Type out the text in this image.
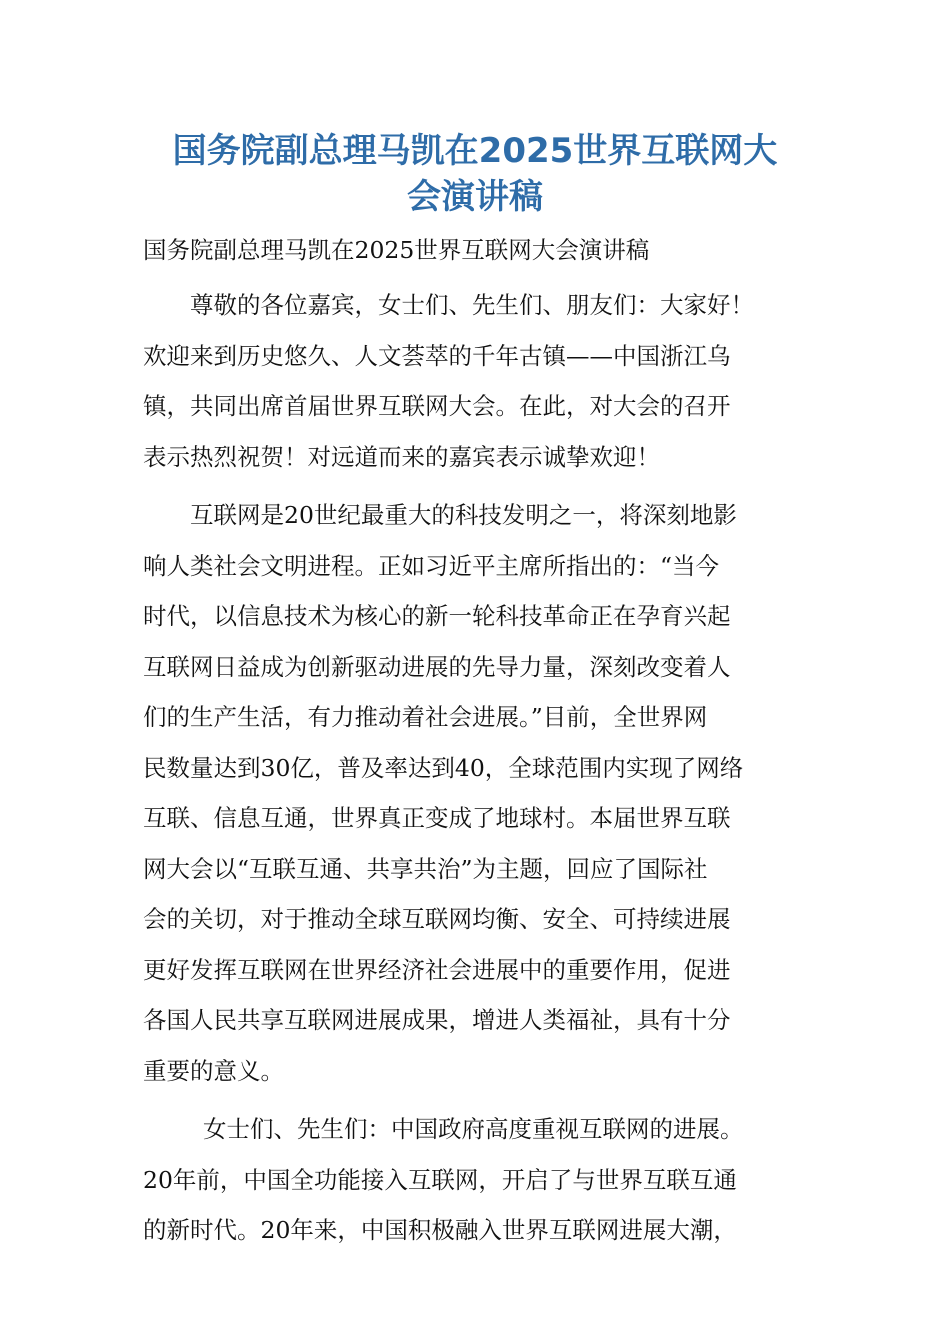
国务院副总理马凯在2025世界互联网大
会演讲稿

国务院副总理马凯在2025世界互联网大会演讲稿

尊敬的各位嘉宾，女士们、先生们、朋友们：大家好！
欢迎来到历史悠久、人文荟萃的千年古镇——中国浙江乌
镇，共同出席首届世界互联网大会。在此，对大会的召开
表示热烈祝贺！对远道而来的嘉宾表示诚挚欢迎！

互联网是20世纪最重大的科技发明之一，将深刻地影
响人类社会文明进程。正如习近平主席所指出的：“当今
时代，以信息技术为核心的新一轮科技革命正在孕育兴起
互联网日益成为创新驱动进展的先导力量，深刻改变着人
们的生产生活，有力推动着社会进展。”目前，全世界网
民数量达到30亿，普及率达到40，全球范围内实现了网络
互联、信息互通，世界真正变成了地球村。本届世界互联
网大会以“互联互通、共享共治”为主题，回应了国际社
会的关切，对于推动全球互联网均衡、安全、可持续进展
更好发挥互联网在世界经济社会进展中的重要作用，促进
各国人民共享互联网进展成果，增进人类福祉，具有十分
重要的意义。

女士们、先生们：中国政府高度重视互联网的进展。
20年前，中国全功能接入互联网，开启了与世界互联互通
的新时代。20年来，中国积极融入世界互联网进展大潮，
